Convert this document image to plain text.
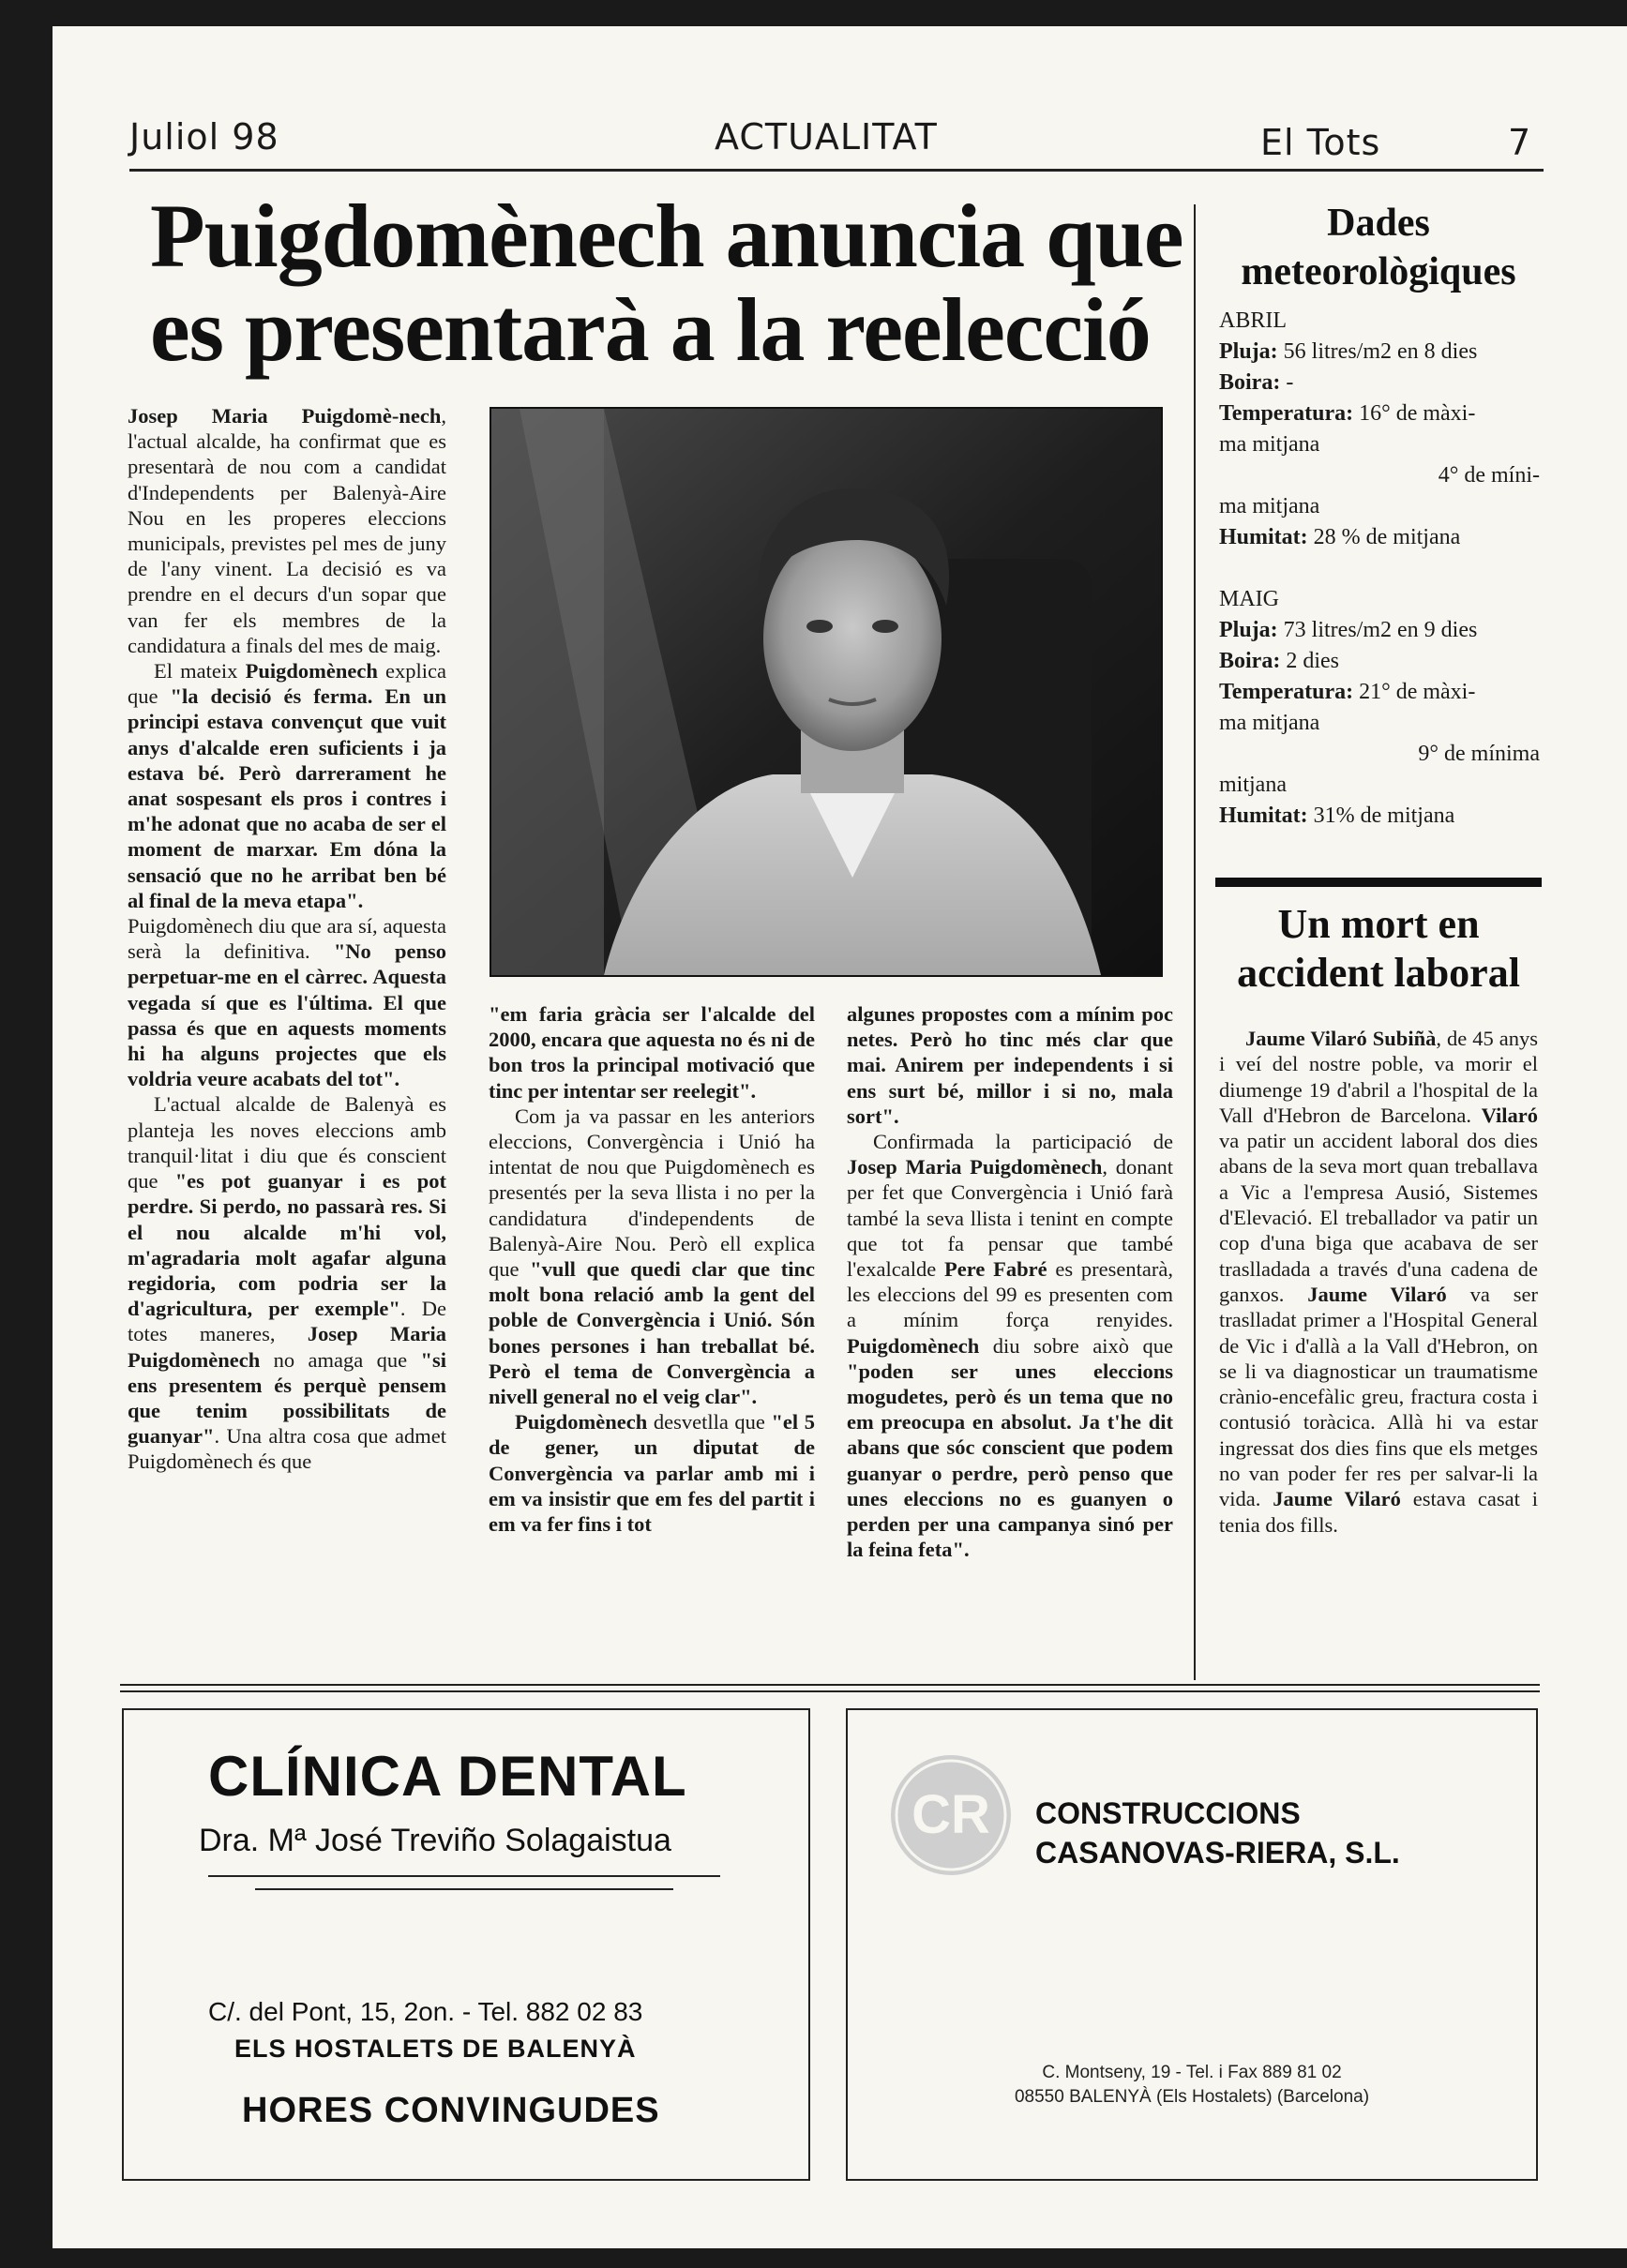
Juliol 98	ACTUALITAT	El Tots	7
Puigdomènech anuncia que
es presentarà a la reelecció

Josep Maria Puigdomè-nech, l'actual alcalde, ha confirmat que es presentarà de nou com a candidat d'Independents per Balenyà-Aire Nou en les properes eleccions municipals, previstes pel mes de juny de l'any vinent. La decisió es va prendre en el decurs d'un sopar que van fer els membres de la candidatura a finals del mes de maig.

El mateix Puigdomènech explica que "la decisió és ferma. En un principi estava convençut que vuit anys d'alcalde eren suficients i ja estava bé. Però darrerament he anat sospesant els pros i contres i m'he adonat que no acaba de ser el moment de marxar. Em dóna la sensació que no he arribat ben bé al final de la meva etapa".

Puigdomènech diu que ara sí, aquesta serà la definitiva. "No penso perpetuar-me en el càrrec. Aquesta vegada sí que es l'última. El que passa és que en aquests moments hi ha alguns projectes que els voldria veure acabats del tot".

L'actual alcalde de Balenyà es planteja les noves eleccions amb tranquil·litat i diu que és conscient que "es pot guanyar i es pot perdre. Si perdo, no passarà res. Si el nou alcalde m'hi vol, m'agradaria molt agafar alguna regidoria, com podria ser la d'agricultura, per exemple". De totes maneres, Josep Maria Puigdomènech no amaga que "si ens presentem és perquè pensem que tenim possibilitats de guanyar". Una altra cosa que admet Puigdomènech és que

"em faria gràcia ser l'alcalde del 2000, encara que aquesta no és ni de bon tros la principal motivació que tinc per intentar ser reelegit".

Com ja va passar en les anteriors eleccions, Convergència i Unió ha intentat de nou que Puigdomènech es presentés per la seva llista i no per la candidatura d'independents de Balenyà-Aire Nou. Però ell explica que "vull que quedi clar que tinc molt bona relació amb la gent del poble de Convergència i Unió. Són bones persones i han treballat bé. Però el tema de Convergència a nivell general no el veig clar".

Puigdomènech desvetlla que "el 5 de gener, un diputat de Convergència va parlar amb mi i em va insistir que em fes del partit i em va fer fins i tot

algunes propostes com a mínim poc netes. Però ho tinc més clar que mai. Anirem per independents i si ens surt bé, millor i si no, mala sort".

Confirmada la participació de Josep Maria Puigdomènech, donant per fet que Convergència i Unió farà també la seva llista i tenint en compte que tot fa pensar que també l'exalcalde Pere Fabré es presentarà, les eleccions del 99 es presenten com a mínim força renyides. Puigdomènech diu sobre això que "poden ser unes eleccions mogudetes, però és un tema que no em preocupa en absolut. Ja t'he dit abans que sóc conscient que podem guanyar o perdre, però penso que unes eleccions no es guanyen o perden per una campanya sinó per la feina feta".

Dades
meteorològiques
ABRIL
Pluja: 56 litres/m2 en 8 dies
Boira: -
Temperatura: 16° de màxi-
ma mitjana
4° de míni-
ma mitjana
Humitat: 28 % de mitjana
MAIG
Pluja: 73 litres/m2 en 9 dies
Boira: 2 dies
Temperatura: 21° de màxi-
ma mitjana
9° de mínima
mitjana
Humitat: 31% de mitjana
Un mort en
accident laboral

Jaume Vilaró Subiñà, de 45 anys i veí del nostre poble, va morir el diumenge 19 d'abril a l'hospital de la Vall d'Hebron de Barcelona. Vilaró va patir un accident laboral dos dies abans de la seva mort quan treballava a Vic a l'empresa Ausió, Sistemes d'Elevació. El treballador va patir un cop d'una biga que acabava de ser traslladada a través d'una cadena de ganxos. Jaume Vilaró va ser traslladat primer a l'Hospital General de Vic i d'allà a la Vall d'Hebron, on se li va diagnosticar un traumatisme crànio-encefàlic greu, fractura costa i contusió toràcica. Allà hi va estar ingressat dos dies fins que els metges no van poder fer res per salvar-li la vida. Jaume Vilaró estava casat i tenia dos fills.

CLÍNICA DENTAL
Dra. Mª José Treviño Solagaistua
C/. del Pont, 15, 2on. - Tel. 882 02 83
ELS HOSTALETS DE BALENYÀ
HORES CONVINGUDES
CR	CONSTRUCCIONS
CASANOVAS-RIERA, S.L.
C. Montseny, 19 - Tel. i Fax 889 81 02
08550 BALENYÀ (Els Hostalets) (Barcelona)
